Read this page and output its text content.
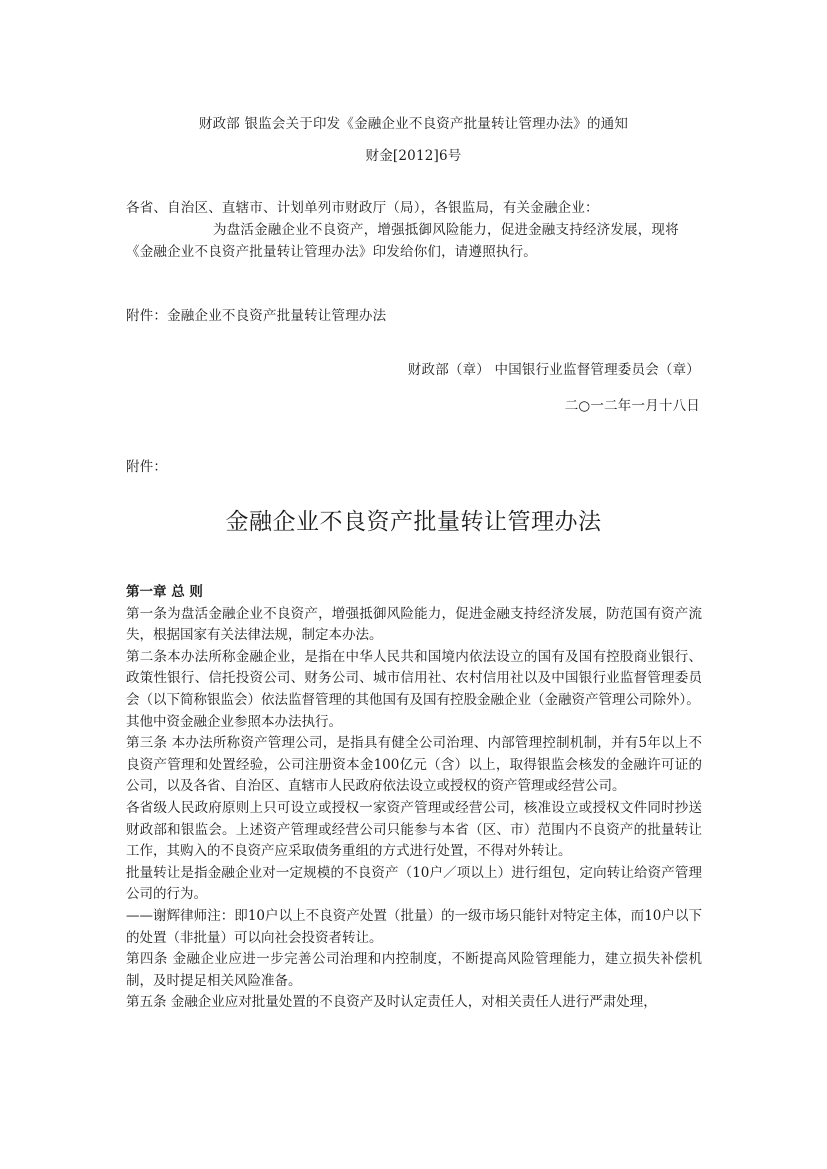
财政部 银监会关于印发《金融企业不良资产批量转让管理办法》的通知
财金[2012]6号
各省、自治区、直辖市、计划单列市财政厅（局），各银监局，有关金融企业：
为盘活金融企业不良资产，增强抵御风险能力，促进金融支持经济发展，现将
《金融企业不良资产批量转让管理办法》印发给你们，请遵照执行。
附件：金融企业不良资产批量转让管理办法
财政部（章） 中国银行业监督管理委员会（章）
二○一二年一月十八日
附件：
金融企业不良资产批量转让管理办法

第一章 总 则

第一条为盘活金融企业不良资产，增强抵御风险能力，促进金融支持经济发展，防范国有资产流失，根据国家有关法律法规，制定本办法。

第二条本办法所称金融企业，是指在中华人民共和国境内依法设立的国有及国有控股商业银行、政策性银行、信托投资公司、财务公司、城市信用社、农村信用社以及中国银行业监督管理委员会（以下简称银监会）依法监督管理的其他国有及国有控股金融企业（金融资产管理公司除外）。

其他中资金融企业参照本办法执行。

第三条 本办法所称资产管理公司，是指具有健全公司治理、内部管理控制机制，并有5年以上不良资产管理和处置经验，公司注册资本金100亿元（含）以上，取得银监会核发的金融许可证的公司，以及各省、自治区、直辖市人民政府依法设立或授权的资产管理或经营公司。

各省级人民政府原则上只可设立或授权一家资产管理或经营公司，核准设立或授权文件同时抄送财政部和银监会。上述资产管理或经营公司只能参与本省（区、市）范围内不良资产的批量转让工作，其购入的不良资产应采取债务重组的方式进行处置，不得对外转让。

批量转让是指金融企业对一定规模的不良资产（10户／项以上）进行组包，定向转让给资产管理公司的行为。

——谢辉律师注：即10户以上不良资产处置（批量）的一级市场只能针对特定主体，而10户以下的处置（非批量）可以向社会投资者转让。

第四条 金融企业应进一步完善公司治理和内控制度，不断提高风险管理能力，建立损失补偿机制，及时提足相关风险准备。

第五条 金融企业应对批量处置的不良资产及时认定责任人，对相关责任人进行严肃处理，
